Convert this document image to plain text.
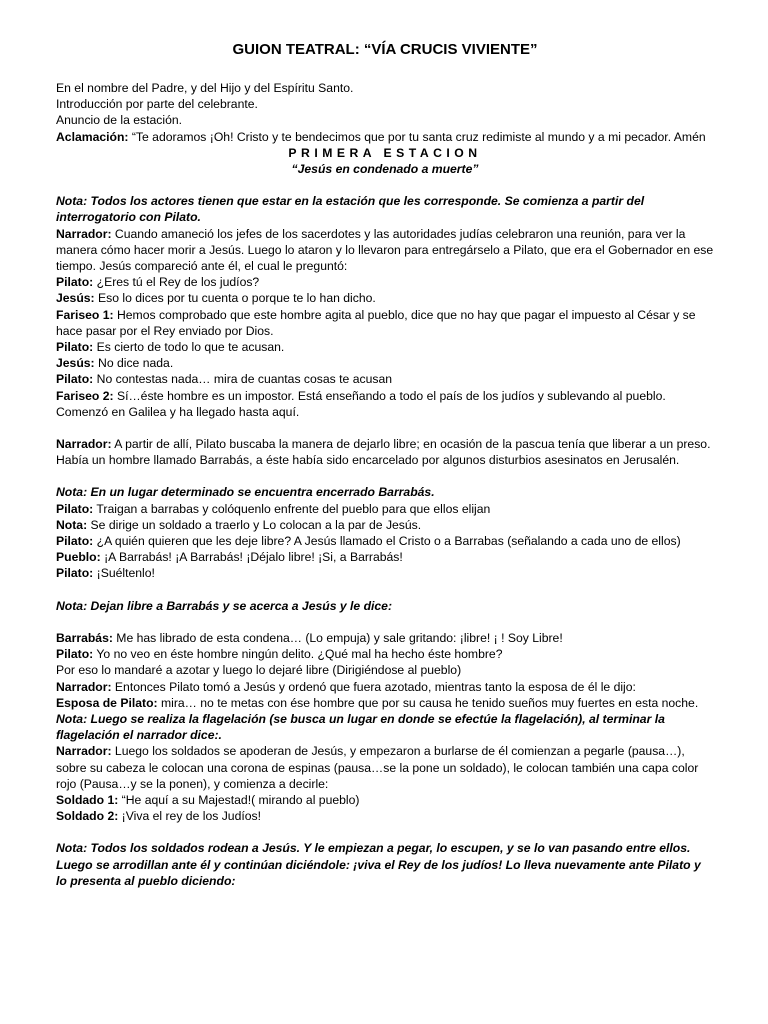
GUION TEATRAL: “VÍA CRUCIS VIVIENTE”

En el nombre del Padre, y del Hijo y del Espíritu Santo.

Introducción por parte del celebrante.

Anuncio de la estación.

Aclamación: “Te adoramos ¡Oh! Cristo y te bendecimos que por tu santa cruz redimiste al mundo y a mi pecador. Amén

PRIMERA ESTACION

“Jesús en condenado a muerte”

Nota: Todos los actores tienen que estar en la estación que les corresponde. Se comienza a partir del interrogatorio con Pilato.

Narrador: Cuando amaneció los jefes de los sacerdotes y las autoridades judías celebraron una reunión, para ver la manera cómo hacer morir a Jesús. Luego lo ataron y lo llevaron para entregárselo a Pilato, que era el Gobernador en ese tiempo. Jesús compareció ante él, el cual le preguntó:

Pilato: ¿Eres tú el Rey de los judíos?

Jesús: Eso lo dices por tu cuenta o porque te lo han dicho.

Fariseo 1: Hemos comprobado que este hombre agita al pueblo, dice que no hay que pagar el impuesto al César y se hace pasar por el Rey enviado por Dios.

Pilato: Es cierto de todo lo que te acusan.

Jesús: No dice nada.

Pilato: No contestas nada… mira de cuantas cosas te acusan

Fariseo 2: Sí…éste hombre es un impostor. Está enseñando a todo el país de los judíos y sublevando al pueblo. Comenzó en Galilea y ha llegado hasta aquí.

Narrador: A partir de allí, Pilato buscaba la manera de dejarlo libre; en ocasión de la pascua tenía que liberar a un preso. Había un hombre llamado Barrabás, a éste había sido encarcelado por algunos disturbios asesinatos en Jerusalén.

Nota: En un lugar determinado se encuentra encerrado Barrabás.

Pilato: Traigan a barrabas y colóquenlo enfrente del pueblo para que ellos elijan

Nota: Se dirige un soldado a traerlo y Lo colocan a la par de Jesús.

Pilato: ¿A quién quieren que les deje libre? A Jesús llamado el Cristo o a Barrabas (señalando a cada uno de ellos)

Pueblo: ¡A Barrabás! ¡A Barrabás! ¡Déjalo libre! ¡Si, a Barrabás!

Pilato: ¡Suéltenlo!

Nota: Dejan libre a Barrabás y se acerca a Jesús y le dice:

Barrabás: Me has librado de esta condena… (Lo empuja) y sale gritando: ¡libre! ¡ ! Soy Libre!

Pilato: Yo no veo en éste hombre ningún delito. ¿Qué mal ha hecho éste hombre?

Por eso lo mandaré a azotar y luego lo dejaré libre (Dirigiéndose al pueblo)

Narrador: Entonces Pilato tomó a Jesús y ordenó que fuera azotado, mientras tanto la esposa de él le dijo:

Esposa de Pilato: mira… no te metas con ése hombre que por su causa he tenido sueños muy fuertes en esta noche.

Nota: Luego se realiza la flagelación (se busca un lugar en donde se efectúe la flagelación), al terminar la flagelación el narrador dice:.

Narrador: Luego los soldados se apoderan de Jesús, y empezaron a burlarse de él comienzan a pegarle (pausa…), sobre su cabeza le colocan una corona de espinas (pausa…se la pone un soldado), le colocan también una capa color rojo (Pausa…y se la ponen), y comienza a decirle:

Soldado 1: “He aquí a su Majestad!( mirando al pueblo)

Soldado 2: ¡Viva el rey de los Judíos!

Nota: Todos los soldados rodean a Jesús. Y le empiezan a pegar, lo escupen, y se lo van pasando entre ellos. Luego se arrodillan ante él y continúan diciéndole: ¡viva el Rey de los judíos! Lo lleva nuevamente ante Pilato y lo presenta al pueblo diciendo:
